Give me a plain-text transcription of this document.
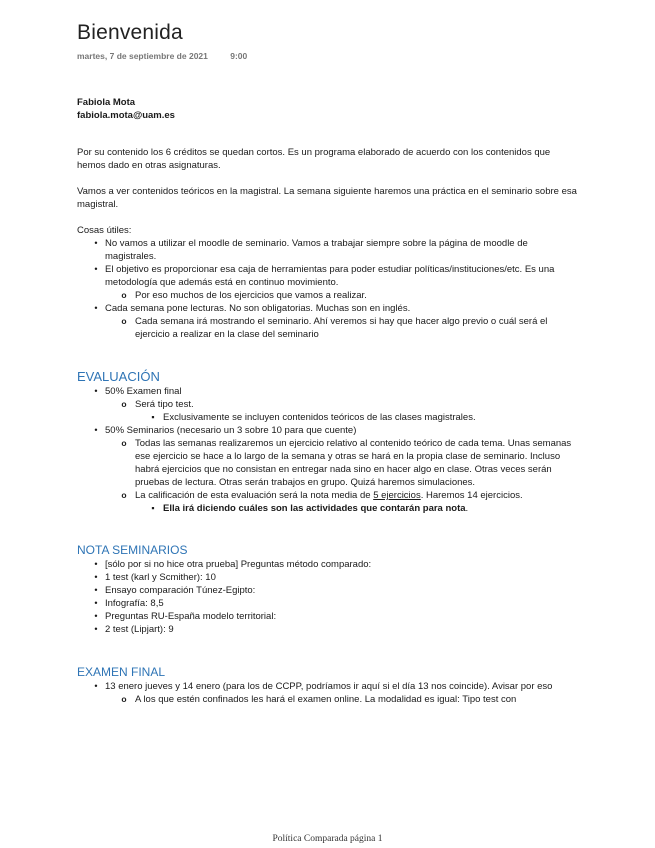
Bienvenida
martes, 7 de septiembre de 2021	9:00

Fabiola Mota

fabiola.mota@uam.es

Por su contenido los 6 créditos se quedan cortos. Es un programa elaborado de acuerdo con los contenidos que hemos dado en otras asignaturas.

Vamos a ver contenidos teóricos en la magistral. La semana siguiente haremos una práctica en el seminario sobre esa magistral.

Cosas útiles:

•
No vamos a utilizar el moodle de seminario. Vamos a trabajar siempre sobre la página de moodle de magistrales.
•
El objetivo es proporcionar esa caja de herramientas para poder estudiar políticas/instituciones/etc. Es una metodología que además está en continuo movimiento.
o
Por eso muchos de los ejercicios que vamos a realizar.
•
Cada semana pone lecturas. No son obligatorias. Muchas son en inglés.
o
Cada semana irá mostrando el seminario. Ahí veremos si hay que hacer algo previo o cuál será el ejercicio a realizar en la clase del seminario

EVALUACIÓN

•
50% Examen final
o
Será tipo test.
▪
Exclusivamente se incluyen contenidos teóricos de las clases magistrales.
•
50% Seminarios (necesario un 3 sobre 10 para que cuente)
o
Todas las semanas realizaremos un ejercicio relativo al contenido teórico de cada tema. Unas semanas ese ejercicio se hace a lo largo de la semana y otras se hará en la propia clase de seminario. Incluso habrá ejercicios que no consistan en entregar nada sino en hacer algo en clase. Otras veces serán pruebas de lectura. Otras serán trabajos en grupo. Quizá haremos simulaciones.
o
La calificación de esta evaluación será la nota media de 5 ejercicios. Haremos 14 ejercicios.
▪
Ella irá diciendo cuáles son las actividades que contarán para nota.

NOTA SEMINARIOS

•
[sólo por si no hice otra prueba] Preguntas método comparado:
•
1 test (karl y Scmither): 10
•
Ensayo comparación Túnez-Egipto:
•
Infografía: 8,5
•
Preguntas RU-España modelo territorial:
•
2 test (Lipjart): 9

EXAMEN FINAL

•
13 enero jueves y 14 enero (para los de CCPP, podríamos ir aquí si el día 13 nos coincide). Avisar por eso
o
A los que estén confinados les hará el examen online. La modalidad es igual: Tipo test con
Política Comparada página 1
